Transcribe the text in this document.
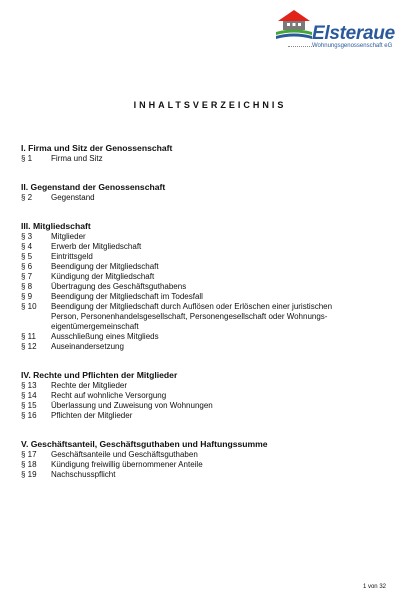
Elsteraue
Wohnungsgenossenschaft eG
INHALTSVERZEICHNIS
I. Firma und Sitz der Genossenschaft
§ 1	Firma und Sitz
II. Gegenstand der Genossenschaft
§ 2	Gegenstand
III. Mitgliedschaft
§ 3	Mitglieder
§ 4	Erwerb der Mitgliedschaft
§ 5	Eintrittsgeld
§ 6	Beendigung der Mitgliedschaft
§ 7	Kündigung der Mitgliedschaft
§ 8	Übertragung des Geschäftsguthabens
§ 9	Beendigung der Mitgliedschaft im Todesfall
§ 10	Beendigung der Mitgliedschaft durch Auflösen oder Erlöschen einer juristischen
Person, Personenhandelsgesellschaft, Personengesellschaft oder Wohnungs-
eigentümergemeinschaft
§ 11	Ausschließung eines Mitglieds
§ 12	Auseinandersetzung
IV. Rechte und Pflichten der Mitglieder
§ 13	Rechte der Mitglieder
§ 14	Recht auf wohnliche Versorgung
§ 15	Überlassung und Zuweisung von Wohnungen
§ 16	Pflichten der Mitglieder
V. Geschäftsanteil, Geschäftsguthaben und Haftungssumme
§ 17	Geschäftsanteile und Geschäftsguthaben
§ 18	Kündigung freiwillig übernommener Anteile
§ 19	Nachschusspflicht
1 von 32
